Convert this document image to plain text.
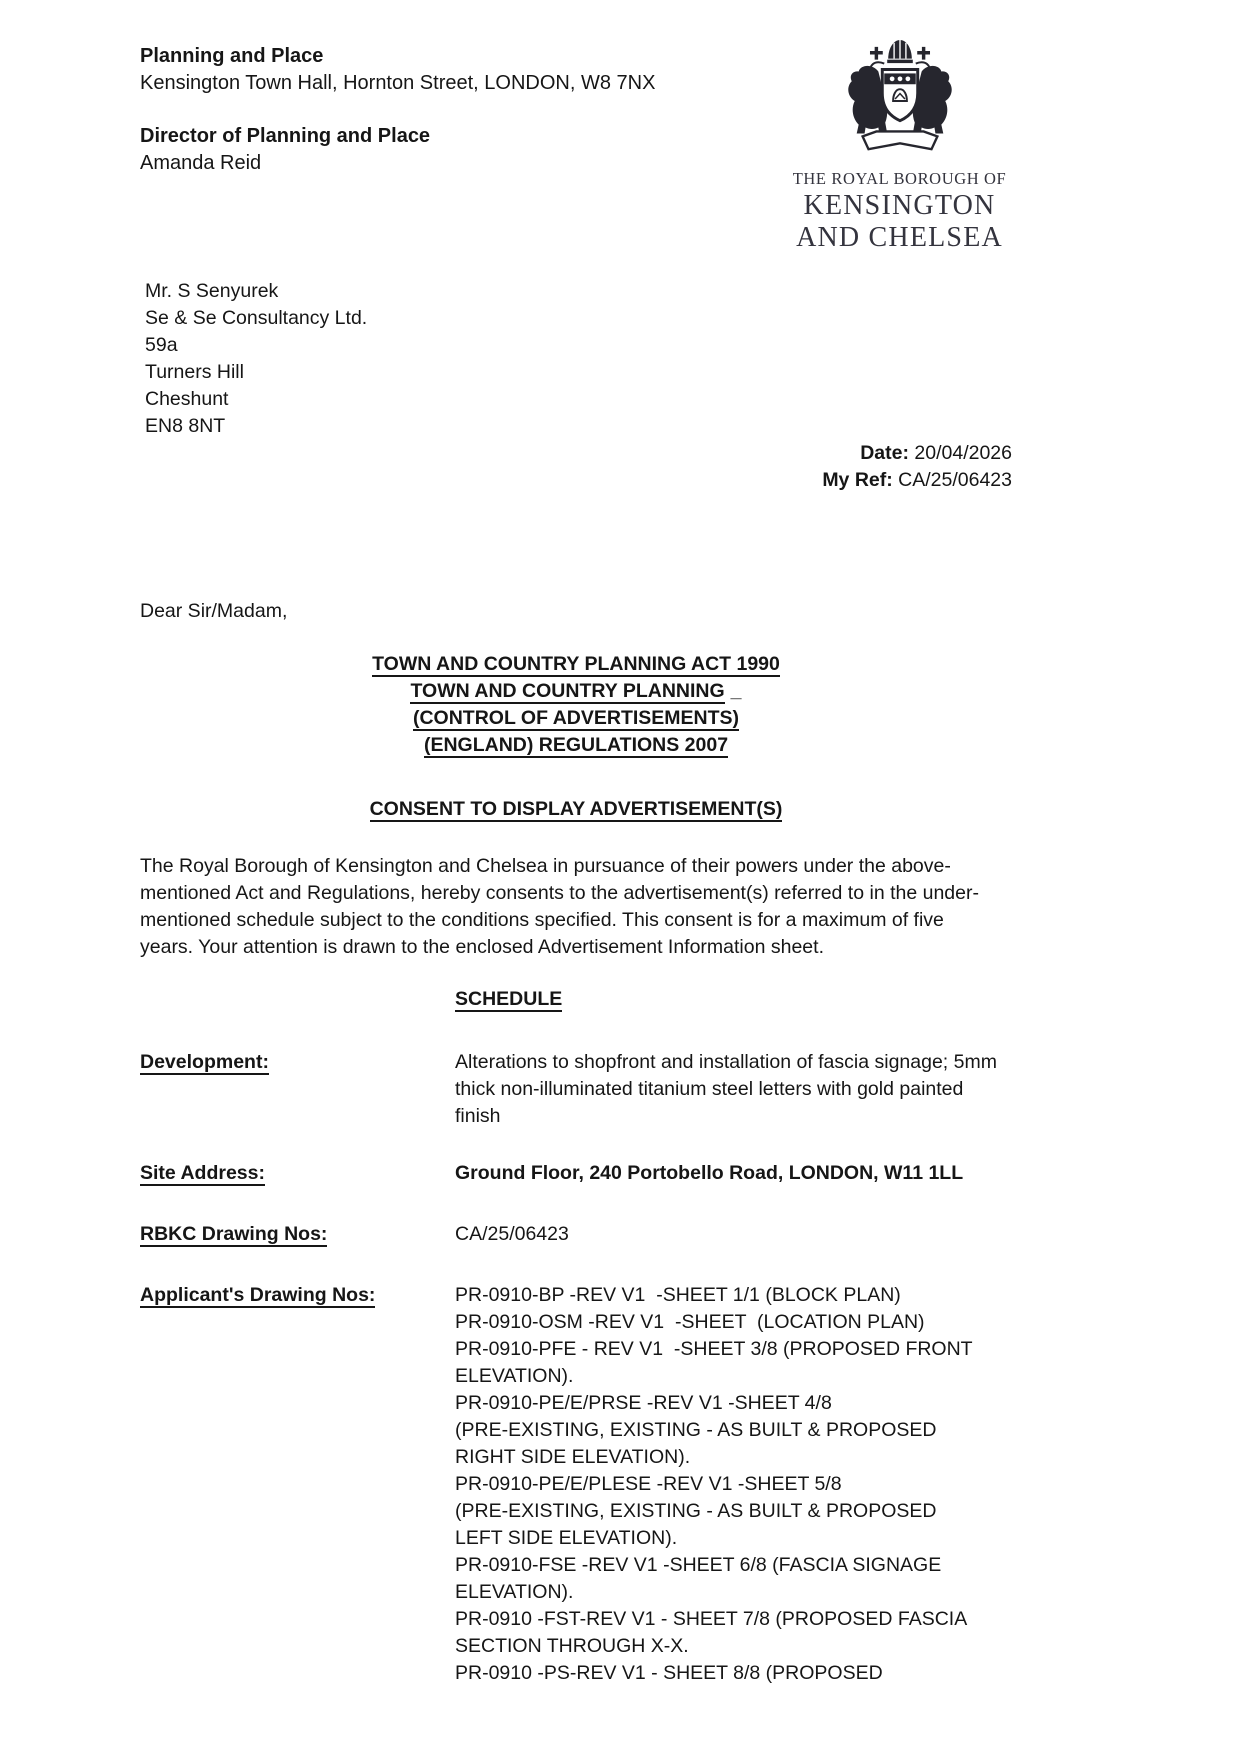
Planning and Place
Kensington Town Hall, Hornton Street, LONDON, W8 7NX
Director of Planning and Place
Amanda Reid
THE ROYAL BOROUGH OF
KENSINGTON
AND CHELSEA
Mr. S Senyurek
Se & Se Consultancy Ltd.
59a
Turners Hill
Cheshunt
EN8 8NT
Date: 20/04/2026
My Ref: CA/25/06423
Dear Sir/Madam,
TOWN AND COUNTRY PLANNING ACT 1990
TOWN AND COUNTRY PLANNING _
(CONTROL OF ADVERTISEMENTS)
(ENGLAND) REGULATIONS 2007
CONSENT TO DISPLAY ADVERTISEMENT(S)
The Royal Borough of Kensington and Chelsea in pursuance of their powers under the above-mentioned Act and Regulations, hereby consents to the advertisement(s) referred to in the under-mentioned schedule subject to the conditions specified. This consent is for a maximum of five years. Your attention is drawn to the enclosed Advertisement Information sheet.
SCHEDULE
Development:	Alterations to shopfront and installation of fascia signage; 5mm thick non-illuminated titanium steel letters with gold painted finish
Site Address:	Ground Floor, 240 Portobello Road, LONDON, W11 1LL
RBKC Drawing Nos:	CA/25/06423
Applicant's Drawing Nos:	PR-0910-BP -REV V1  -SHEET 1/1 (BLOCK PLAN)
PR-0910-OSM -REV V1  -SHEET  (LOCATION PLAN)
PR-0910-PFE - REV V1  -SHEET 3/8 (PROPOSED FRONT
ELEVATION).
PR-0910-PE/E/PRSE -REV V1 -SHEET 4/8
(PRE-EXISTING, EXISTING - AS BUILT & PROPOSED
RIGHT SIDE ELEVATION).
PR-0910-PE/E/PLESE -REV V1 -SHEET 5/8
(PRE-EXISTING, EXISTING - AS BUILT & PROPOSED
LEFT SIDE ELEVATION).
PR-0910-FSE -REV V1 -SHEET 6/8 (FASCIA SIGNAGE
ELEVATION).
PR-0910 -FST-REV V1 - SHEET 7/8 (PROPOSED FASCIA
SECTION THROUGH X-X.
PR-0910 -PS-REV V1 - SHEET 8/8 (PROPOSED
